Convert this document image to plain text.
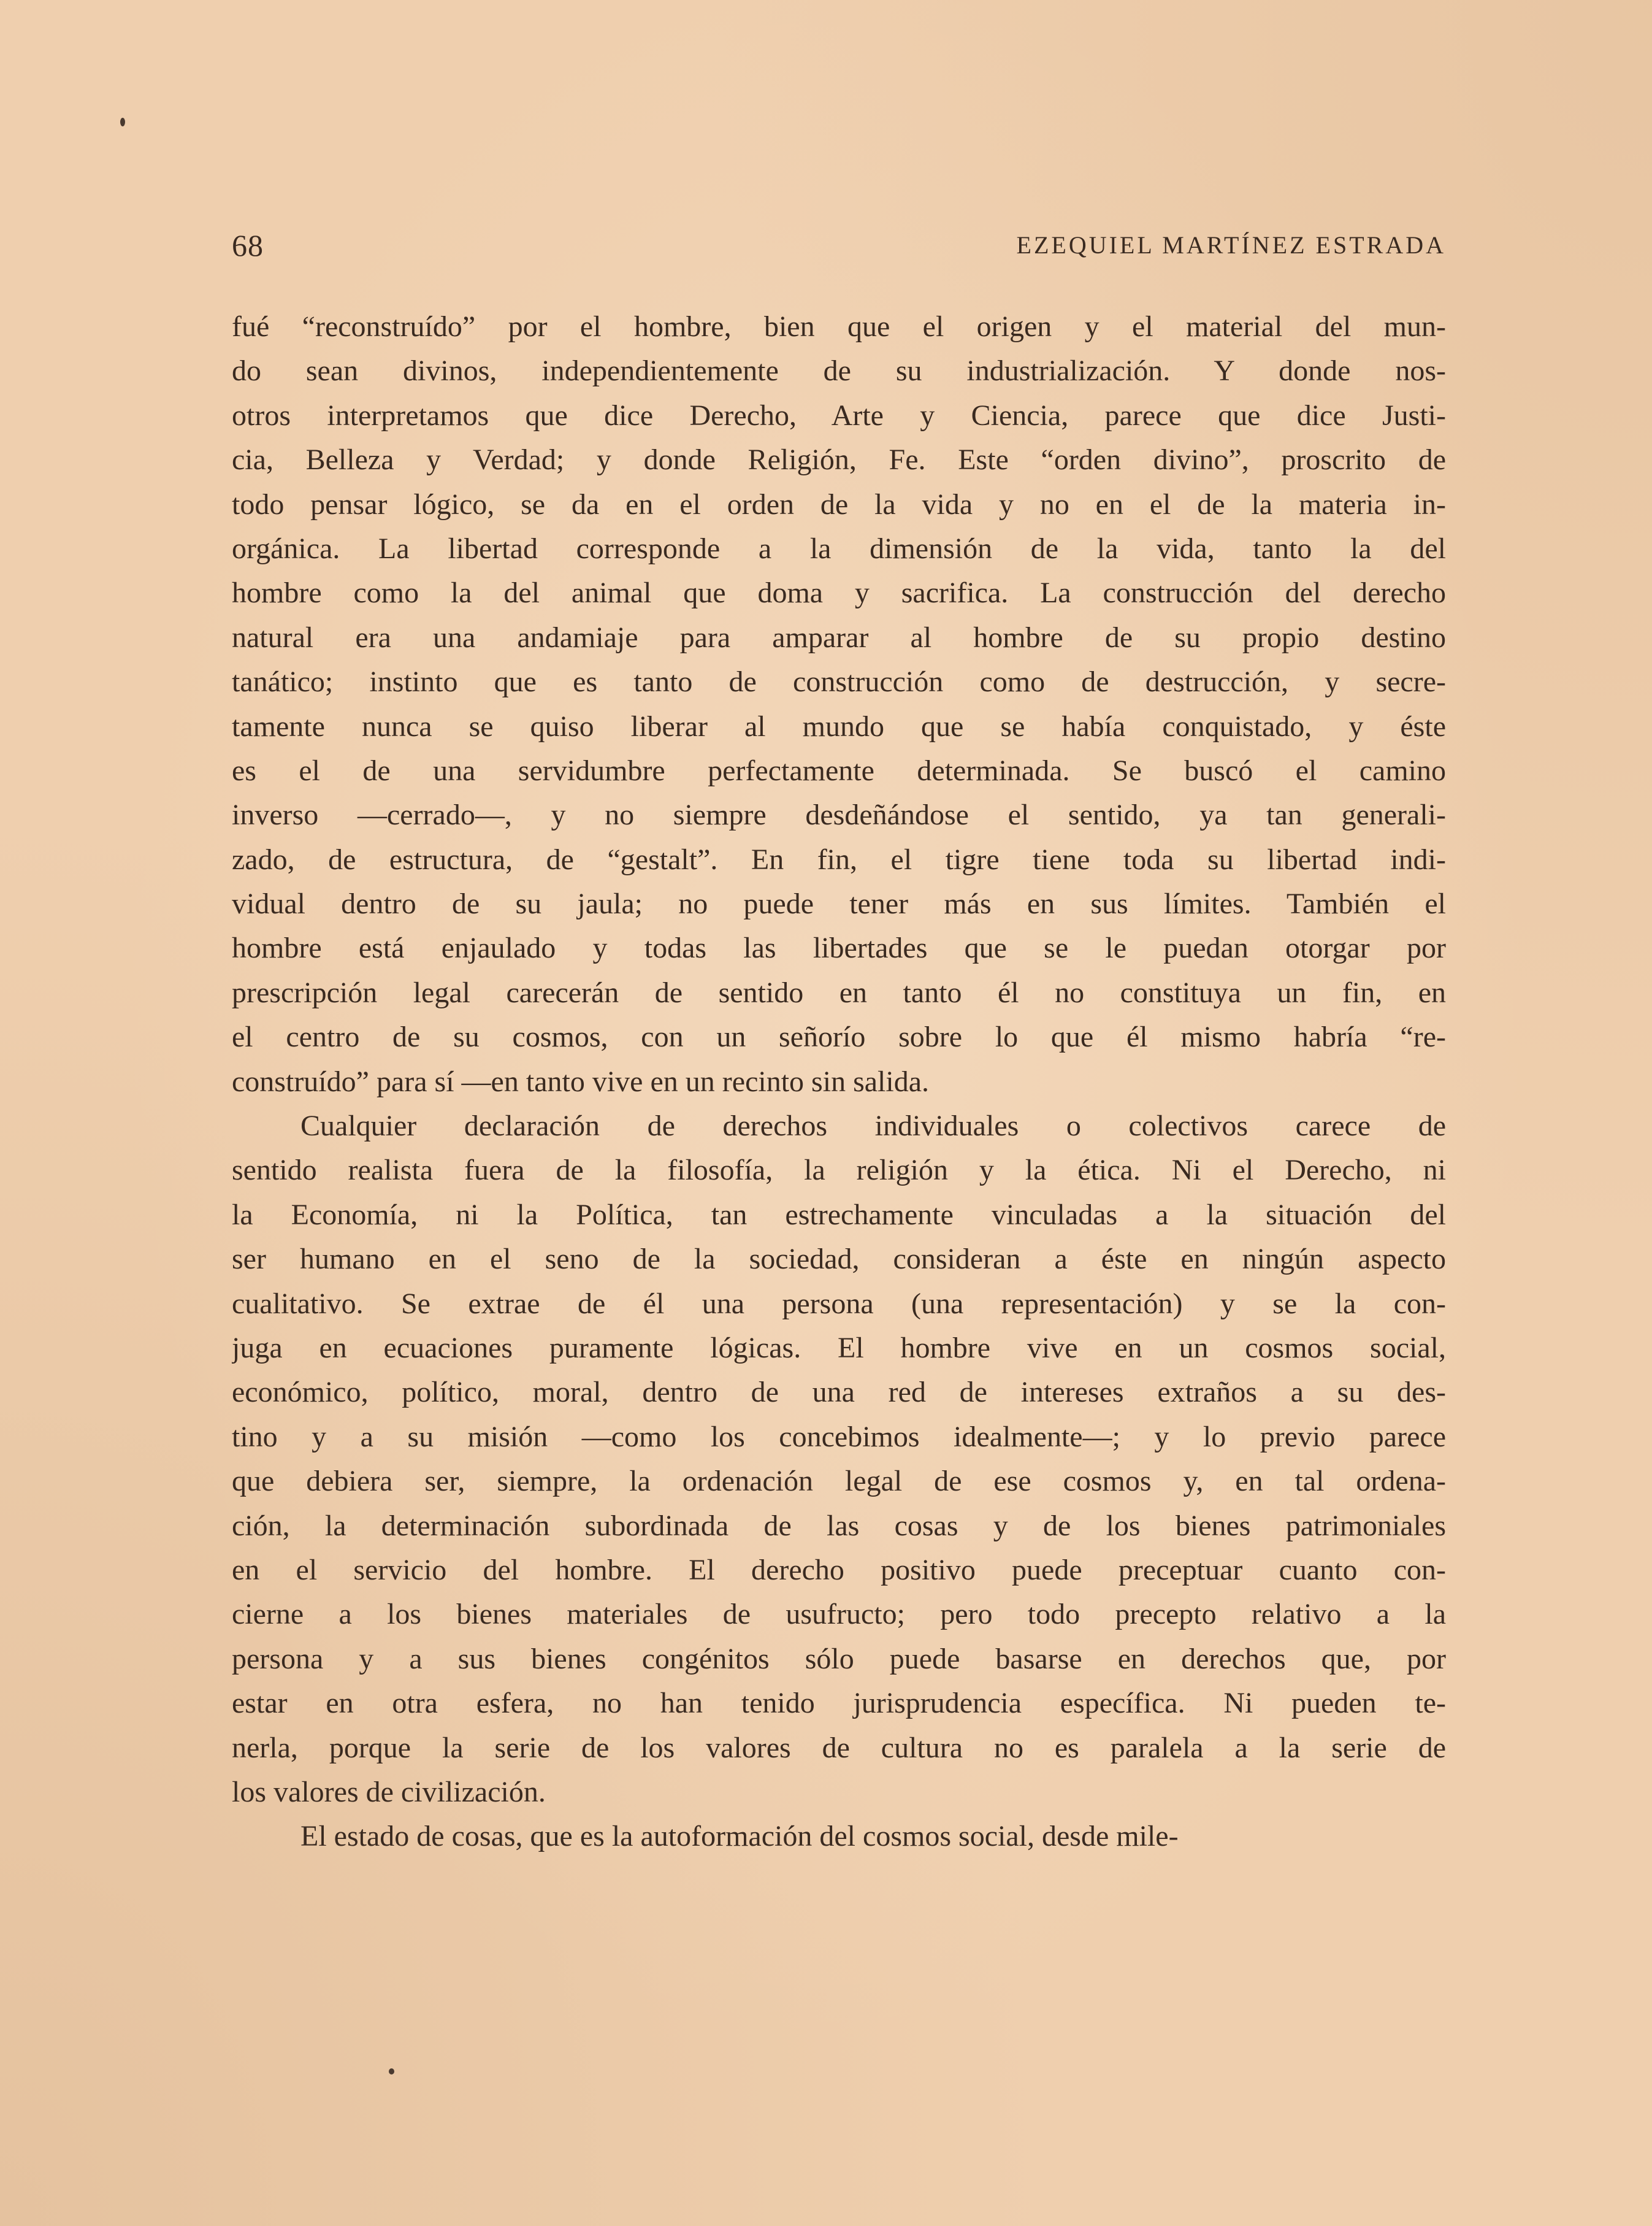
68	EZEQUIEL MARTÍNEZ ESTRADA
fué “reconstruído” por el hombre, bien que el origen y el material del mun-
do sean divinos, independientemente de su industrialización. Y donde nos-
otros interpretamos que dice Derecho, Arte y Ciencia, parece que dice Justi-
cia, Belleza y Verdad; y donde Religión, Fe. Este “orden divino”, proscrito de
todo pensar lógico, se da en el orden de la vida y no en el de la materia in-
orgánica. La libertad corresponde a la dimensión de la vida, tanto la del
hombre como la del animal que doma y sacrifica. La construcción del derecho
natural era una andamiaje para amparar al hombre de su propio destino
tanático; instinto que es tanto de construcción como de destrucción, y secre-
tamente nunca se quiso liberar al mundo que se había conquistado, y éste
es el de una servidumbre perfectamente determinada. Se buscó el camino
inverso —cerrado—, y no siempre desdeñándose el sentido, ya tan generali-
zado, de estructura, de “gestalt”. En fin, el tigre tiene toda su libertad indi-
vidual dentro de su jaula; no puede tener más en sus límites. También el
hombre está enjaulado y todas las libertades que se le puedan otorgar por
prescripción legal carecerán de sentido en tanto él no constituya un fin, en
el centro de su cosmos, con un señorío sobre lo que él mismo habría “re-
construído” para sí —en tanto vive en un recinto sin salida.
Cualquier declaración de derechos individuales o colectivos carece de
sentido realista fuera de la filosofía, la religión y la ética. Ni el Derecho, ni
la Economía, ni la Política, tan estrechamente vinculadas a la situación del
ser humano en el seno de la sociedad, consideran a éste en ningún aspecto
cualitativo. Se extrae de él una persona (una representación) y se la con-
juga en ecuaciones puramente lógicas. El hombre vive en un cosmos social,
económico, político, moral, dentro de una red de intereses extraños a su des-
tino y a su misión —como los concebimos idealmente—; y lo previo parece
que debiera ser, siempre, la ordenación legal de ese cosmos y, en tal ordena-
ción, la determinación subordinada de las cosas y de los bienes patrimoniales
en el servicio del hombre. El derecho positivo puede preceptuar cuanto con-
cierne a los bienes materiales de usufructo; pero todo precepto relativo a la
persona y a sus bienes congénitos sólo puede basarse en derechos que, por
estar en otra esfera, no han tenido jurisprudencia específica. Ni pueden te-
nerla, porque la serie de los valores de cultura no es paralela a la serie de
los valores de civilización.
El estado de cosas, que es la autoformación del cosmos social, desde mile-
